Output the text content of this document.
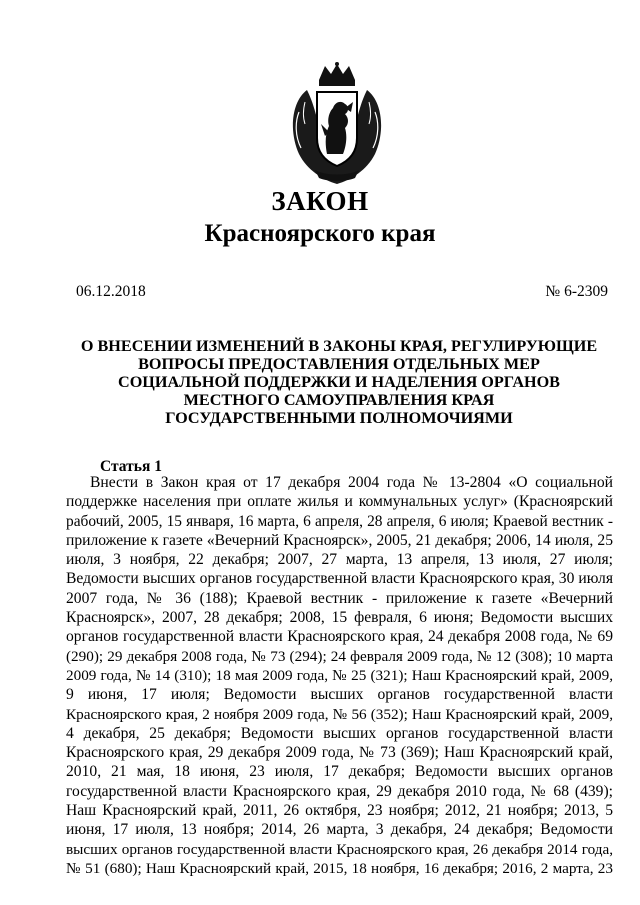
ЗАКОН
Красноярского края
06.12.2018	№ 6-2309
О ВНЕСЕНИИ ИЗМЕНЕНИЙ В ЗАКОНЫ КРАЯ, РЕГУЛИРУЮЩИЕ
ВОПРОСЫ ПРЕДОСТАВЛЕНИЯ ОТДЕЛЬНЫХ МЕР
СОЦИАЛЬНОЙ ПОДДЕРЖКИ И НАДЕЛЕНИЯ ОРГАНОВ
МЕСТНОГО САМОУПРАВЛЕНИЯ КРАЯ
ГОСУДАРСТВЕННЫМИ ПОЛНОМОЧИЯМИ
Статья 1
Внести в Закон края от 17 декабря 2004 года № 13-2804 «О социальной
поддержке населения при оплате жилья и коммунальных услуг» (Красноярский
рабочий, 2005, 15 января, 16 марта, 6 апреля, 28 апреля, 6 июля; Краевой вестник -
приложение к газете «Вечерний Красноярск», 2005, 21 декабря; 2006, 14 июля, 25
июля, 3 ноября, 22 декабря; 2007, 27 марта, 13 апреля, 13 июля, 27 июля;
Ведомости высших органов государственной власти Красноярского края, 30 июля
2007 года, № 36 (188); Краевой вестник - приложение к газете «Вечерний
Красноярск», 2007, 28 декабря; 2008, 15 февраля, 6 июня; Ведомости высших
органов государственной власти Красноярского края, 24 декабря 2008 года, № 69
(290); 29 декабря 2008 года, № 73 (294); 24 февраля 2009 года, № 12 (308); 10 марта
2009 года, № 14 (310); 18 мая 2009 года, № 25 (321); Наш Красноярский край, 2009,
9 июня, 17 июля; Ведомости высших органов государственной власти
Красноярского края, 2 ноября 2009 года, № 56 (352); Наш Красноярский край, 2009,
4 декабря, 25 декабря; Ведомости высших органов государственной власти
Красноярского края, 29 декабря 2009 года, № 73 (369); Наш Красноярский край,
2010, 21 мая, 18 июня, 23 июля, 17 декабря; Ведомости высших органов
государственной власти Красноярского края, 29 декабря 2010 года, № 68 (439);
Наш Красноярский край, 2011, 26 октября, 23 ноября; 2012, 21 ноября; 2013, 5
июня, 17 июля, 13 ноября; 2014, 26 марта, 3 декабря, 24 декабря; Ведомости
высших органов государственной власти Красноярского края, 26 декабря 2014 года,
№ 51 (680); Наш Красноярский край, 2015, 18 ноября, 16 декабря; 2016, 2 марта, 23
